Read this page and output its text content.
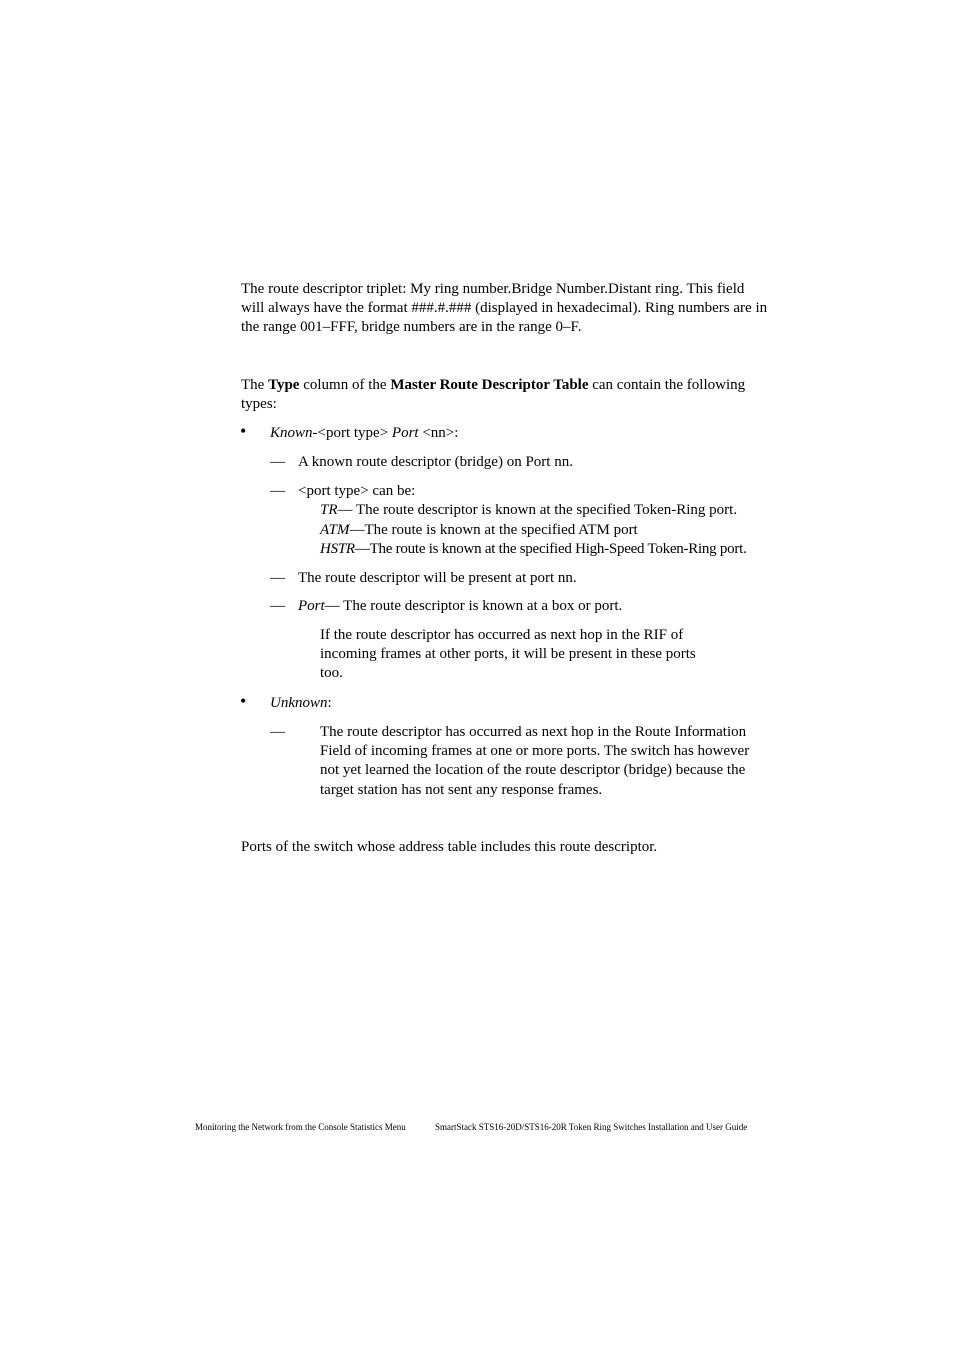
The route descriptor triplet: My ring number.Bridge Number.Distant ring. This field will always have the format ###.#.### (displayed in hexadecimal). Ring numbers are in the range 001–FFF, bridge numbers are in the range 0–F.

The Type column of the Master Route Descriptor Table can contain the following types:

• Known-<port type> Port <nn>:

— A known route descriptor (bridge) on Port nn.

— <port type> can be:

TR— The route descriptor is known at the specified Token-Ring port.

ATM—The route is known at the specified ATM port

HSTR—The route is known at the specified High-Speed Token-Ring port.

— The route descriptor will be present at port nn.

— Port— The route descriptor is known at a box or port.

If the route descriptor has occurred as next hop in the RIF of incoming frames at other ports, it will be present in these ports too.

• Unknown:

— The route descriptor has occurred as next hop in the Route Information Field of incoming frames at one or more ports. The switch has however not yet learned the location of the route descriptor (bridge) because the target station has not sent any response frames.

Ports of the switch whose address table includes this route descriptor.

Monitoring the Network from the Console Statistics Menu	SmartStack STS16-20D/STS16-20R Token Ring Switches Installation and User Guide
